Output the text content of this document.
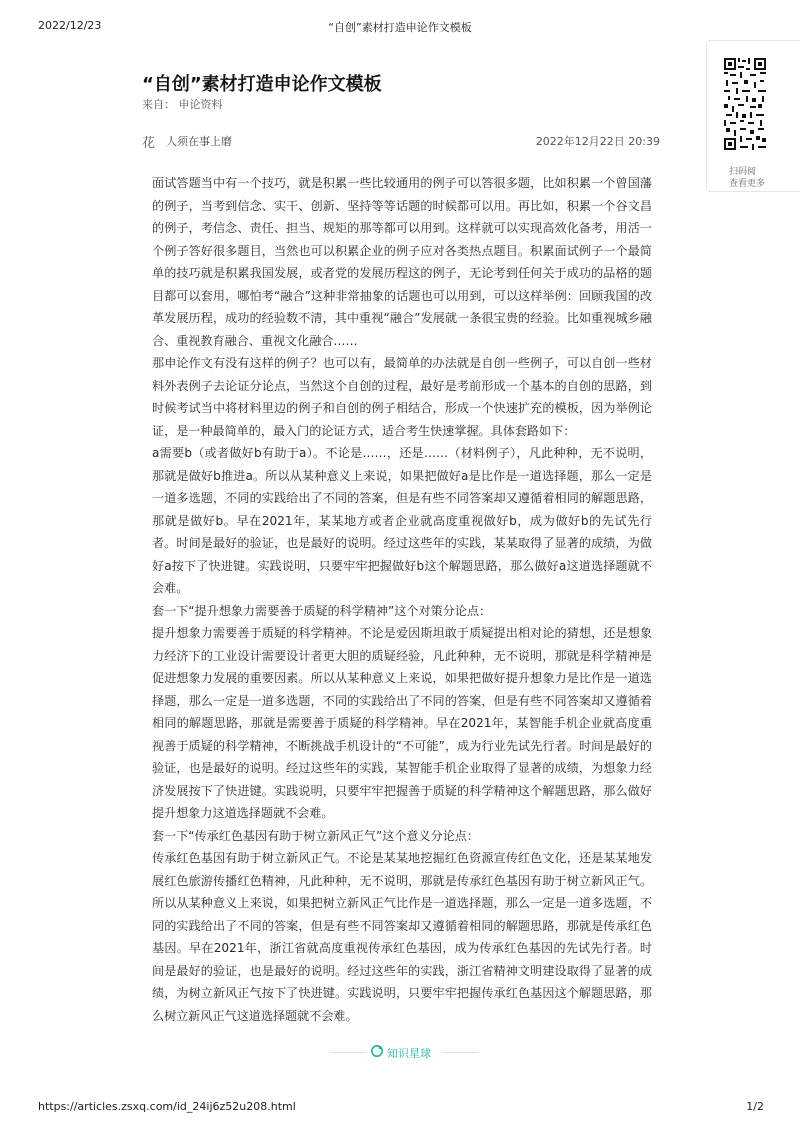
2022/12/23	“自创”素材打造申论作文模板
“自创”素材打造申论作文模板
来自： 申论资料
花 人须在事上磨	2022年12月22日 20:39

面试答题当中有一个技巧，就是积累一些比较通用的例子可以答很多题，比如积累一个曾国藩的例子，当考到信念、实干、创新、坚持等等话题的时候都可以用。再比如，积累一个谷文昌的例子，考信念、责任、担当、规矩的那等都可以用到。这样就可以实现高效化备考，用活一个例子答好很多题目，当然也可以积累企业的例子应对各类热点题目。积累面试例子一个最简单的技巧就是积累我国发展，或者党的发展历程这的例子，无论考到任何关于成功的品格的题目都可以套用，哪怕考“融合”这种非常抽象的话题也可以用到，可以这样举例：回顾我国的改革发展历程，成功的经验数不清，其中重视“融合”发展就一条很宝贵的经验。比如重视城乡融合、重视教育融合、重视文化融合……

那申论作文有没有这样的例子？也可以有，最简单的办法就是自创一些例子，可以自创一些材料外表例子去论证分论点，当然这个自创的过程，最好是考前形成一个基本的自创的思路，到时候考试当中将材料里边的例子和自创的例子相结合，形成一个快速扩充的模板，因为举例论证，是一种最简单的，最入门的论证方式，适合考生快速掌握。具体套路如下：

a需要b（或者做好b有助于a）。不论是……，还是……（材料例子），凡此种种，无不说明，那就是做好b推进a。所以从某种意义上来说，如果把做好a是比作是一道选择题，那么一定是一道多选题，不同的实践给出了不同的答案，但是有些不同答案却又遵循着相同的解题思路，那就是做好b。早在2021年，某某地方或者企业就高度重视做好b，成为做好b的先试先行者。时间是最好的验证，也是最好的说明。经过这些年的实践，某某取得了显著的成绩，为做好a按下了快进键。实践说明，只要牢牢把握做好b这个解题思路，那么做好a这道选择题就不会难。

套一下“提升想象力需要善于质疑的科学精神”这个对策分论点：

提升想象力需要善于质疑的科学精神。不论是爱因斯坦敢于质疑提出相对论的猜想，还是想象力经济下的工业设计需要设计者更大胆的质疑经验，凡此种种，无不说明，那就是科学精神是促进想象力发展的重要因素。所以从某种意义上来说，如果把做好提升想象力是比作是一道选择题，那么一定是一道多选题，不同的实践给出了不同的答案，但是有些不同答案却又遵循着相同的解题思路，那就是需要善于质疑的科学精神。早在2021年，某智能手机企业就高度重视善于质疑的科学精神，不断挑战手机设计的“不可能”，成为行业先试先行者。时间是最好的验证，也是最好的说明。经过这些年的实践，某智能手机企业取得了显著的成绩，为想象力经济发展按下了快进键。实践说明，只要牢牢把握善于质疑的科学精神这个解题思路，那么做好提升想象力这道选择题就不会难。

套一下“传承红色基因有助于树立新风正气”这个意义分论点：

传承红色基因有助于树立新风正气。不论是某某地挖掘红色资源宣传红色文化，还是某某地发展红色旅游传播红色精神，凡此种种，无不说明，那就是传承红色基因有助于树立新风正气。所以从某种意义上来说，如果把树立新风正气比作是一道选择题，那么一定是一道多选题，不同的实践给出了不同的答案，但是有些不同答案却又遵循着相同的解题思路，那就是传承红色基因。早在2021年，浙江省就高度重视传承红色基因，成为传承红色基因的先试先行者。时间是最好的验证，也是最好的说明。经过这些年的实践，浙江省精神文明建设取得了显著的成绩，为树立新风正气按下了快进键。实践说明，只要牢牢把握传承红色基因这个解题思路，那么树立新风正气这道选择题就不会难。

扫码阅
查看更多
知识星球
https://articles.zsxq.com/id_24ij6z52u208.html	1/2
